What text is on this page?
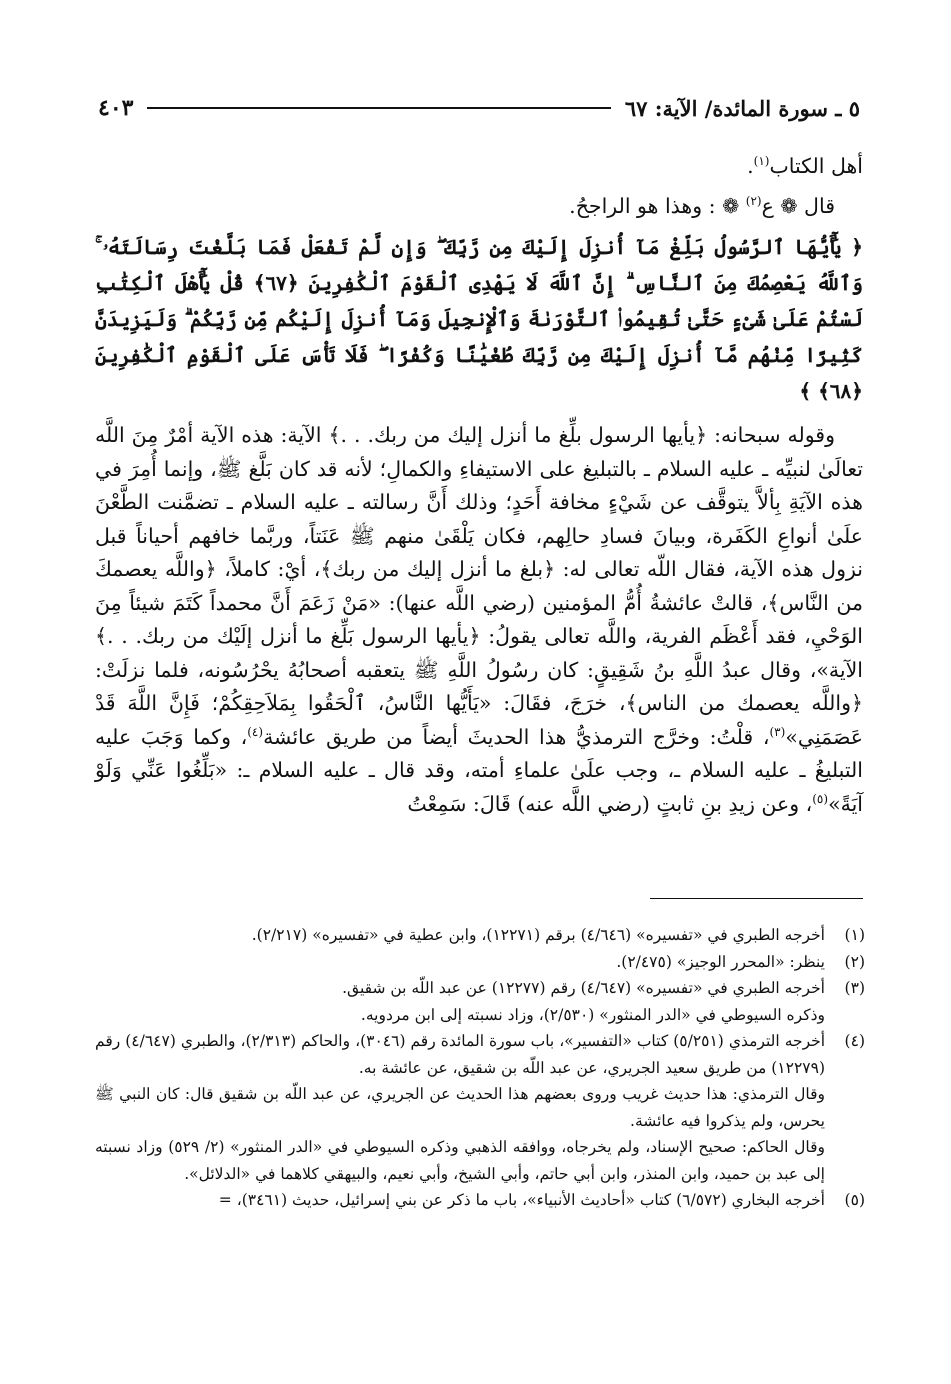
٥ ـ سورة المائدة/ الآية: ٦٧
٤٠٣

أهل الكتاب$^{(١)}$.

قال ❁ ع$^{(٢)}$ ❁ : وهذا هو الراجحُ.

﴿ يَٰٓأَيُّهَا ٱلرَّسُولُ بَلِّغْ مَآ أُنزِلَ إِلَيْكَ مِن رَّبِّكَ ۖ وَإِن لَّمْ تَفْعَلْ فَمَا بَلَّغْتَ رِسَالَتَهُۥ ۚ وَٱللَّهُ يَعْصِمُكَ مِنَ ٱلنَّاسِ ۗ إِنَّ ٱللَّهَ لَا يَهْدِى ٱلْقَوْمَ ٱلْكَٰفِرِينَ ﴿٦٧﴾ قُلْ يَٰٓأَهْلَ ٱلْكِتَٰبِ لَسْتُمْ عَلَىٰ شَىْءٍ حَتَّىٰ تُقِيمُوا۟ ٱلتَّوْرَىٰةَ وَٱلْإِنجِيلَ وَمَآ أُنزِلَ إِلَيْكُم مِّن رَّبِّكُمْ ۗ وَلَيَزِيدَنَّ كَثِيرًا مِّنْهُم مَّآ أُنزِلَ إِلَيْكَ مِن رَّبِّكَ طُغْيَٰنًا وَكُفْرًا ۖ فَلَا تَأْسَ عَلَى ٱلْقَوْمِ ٱلْكَٰفِرِينَ ﴿٦٨﴾ ﴾

وقوله سبحانه: ﴿يأيها الرسول بلِّغ ما أنزل إليك من ربك. . .﴾ الآية: هذه الآية أمْرٌ مِنَ اللَّه تعالَىٰ لنبيِّه ـ عليه السلام ـ بالتبليغ على الاستيفاءِ والكمالِ؛ لأنه قد كان بَلَّغ ﷺ، وإنما أُمِرَ في هذه الآيَةِ بِألاَّ يتوقَّف عن شَيْءٍ مخافة أَحَدٍ؛ وذلك أَنَّ رسالته ـ عليه السلام ـ تضمَّنت الطَّعْنَ علَىٰ أنواعِ الكَفَرة، وبيانَ فسادِ حالِهم، فكان يَلْقَىٰ منهم ﷺ عَنَتاً، وربَّما خافهم أحياناً قبل نزول هذه الآية، فقال اللّه تعالى له: ﴿بلغ ما أنزل إليك من ربك﴾، أيْ: كاملاً، ﴿واللَّه يعصمكَ من النَّاس﴾، قالتْ عائشةُ أُمُّ المؤمنين (رضي اللَّه عنها): «مَنْ زَعَمَ أَنَّ محمداً كَتَمَ شيئاً مِنَ الوَحْيِ، فقد أَعْظَم الفرية، واللَّه تعالى يقولُ: ﴿يأيها الرسول بَلِّغ ما أنزل إلَيْك من ربك. . .﴾ الآية»، وقال عبدُ اللَّهِ بنُ شَقِيقٍ: كان رسُولُ اللَّهِ ﷺ يتعقبه أصحابُهُ يحْرُسُونه، فلما نزلَتْ: ﴿واللَّه يعصمك من الناس﴾، خرَجَ، فقَالَ: «يَأَيُّها النَّاسُ، ٱلْحَقُوا بِمَلاَحِقِكُمْ؛ فَإِنَّ اللَّهَ قَدْ عَصَمَنِي»$^{(٣)}$، قلْتُ: وخرَّج الترمذيُّ هذا الحديثَ أيضاً من طريق عائشة$^{(٤)}$، وكما وَجَبَ عليه التبليغُ ـ عليه السلام ـ، وجب علَىٰ علماءِ أمته، وقد قال ـ عليه السلام ـ: «بَلِّغُوا عَنِّي وَلَوْ آيَةً»$^{(٥)}$، وعن زيدِ بنِ ثابتٍ (رضي اللَّه عنه) قَالَ: سَمِعْتُ

(١)
أخرجه الطبري في «تفسيره» (٤/٦٤٦) برقم (١٢٢٧١)، وابن عطية في «تفسيره» (٢/٢١٧).
(٢)
ينظر: «المحرر الوجيز» (٢/٤٧٥).
(٣)
أخرجه الطبري في «تفسيره» (٤/٦٤٧) رقم (١٢٢٧٧) عن عبد اللّه بن شقيق.
وذكره السيوطي في «الدر المنثور» (٢/٥٣٠)، وزاد نسبته إلى ابن مردويه.
(٤)
أخرجه الترمذي (٥/٢٥١) كتاب «التفسير»، باب سورة المائدة رقم (٣٠٤٦)، والحاكم (٢/٣١٣)، والطبري (٤/٦٤٧) رقم (١٢٢٧٩) من طريق سعيد الجريري، عن عبد اللّه بن شقيق، عن عائشة به.
وقال الترمذي: هذا حديث غريب وروى بعضهم هذا الحديث عن الجريري، عن عبد اللّه بن شقيق قال: كان النبي ﷺ يحرس، ولم يذكروا فيه عائشة.
وقال الحاكم: صحيح الإسناد، ولم يخرجاه، ووافقه الذهبي وذكره السيوطي في «الدر المنثور» (٢/ ٥٢٩) وزاد نسبته إلى عبد بن حميد، وابن المنذر، وابن أبي حاتم، وأبي الشيخ، وأبي نعيم، والبيهقي كلاهما في «الدلائل».
(٥)
أخرجه البخاري (٦/٥٧٢) كتاب «أحاديث الأنبياء»، باب ما ذكر عن بني إسرائيل، حديث (٣٤٦١)، =
